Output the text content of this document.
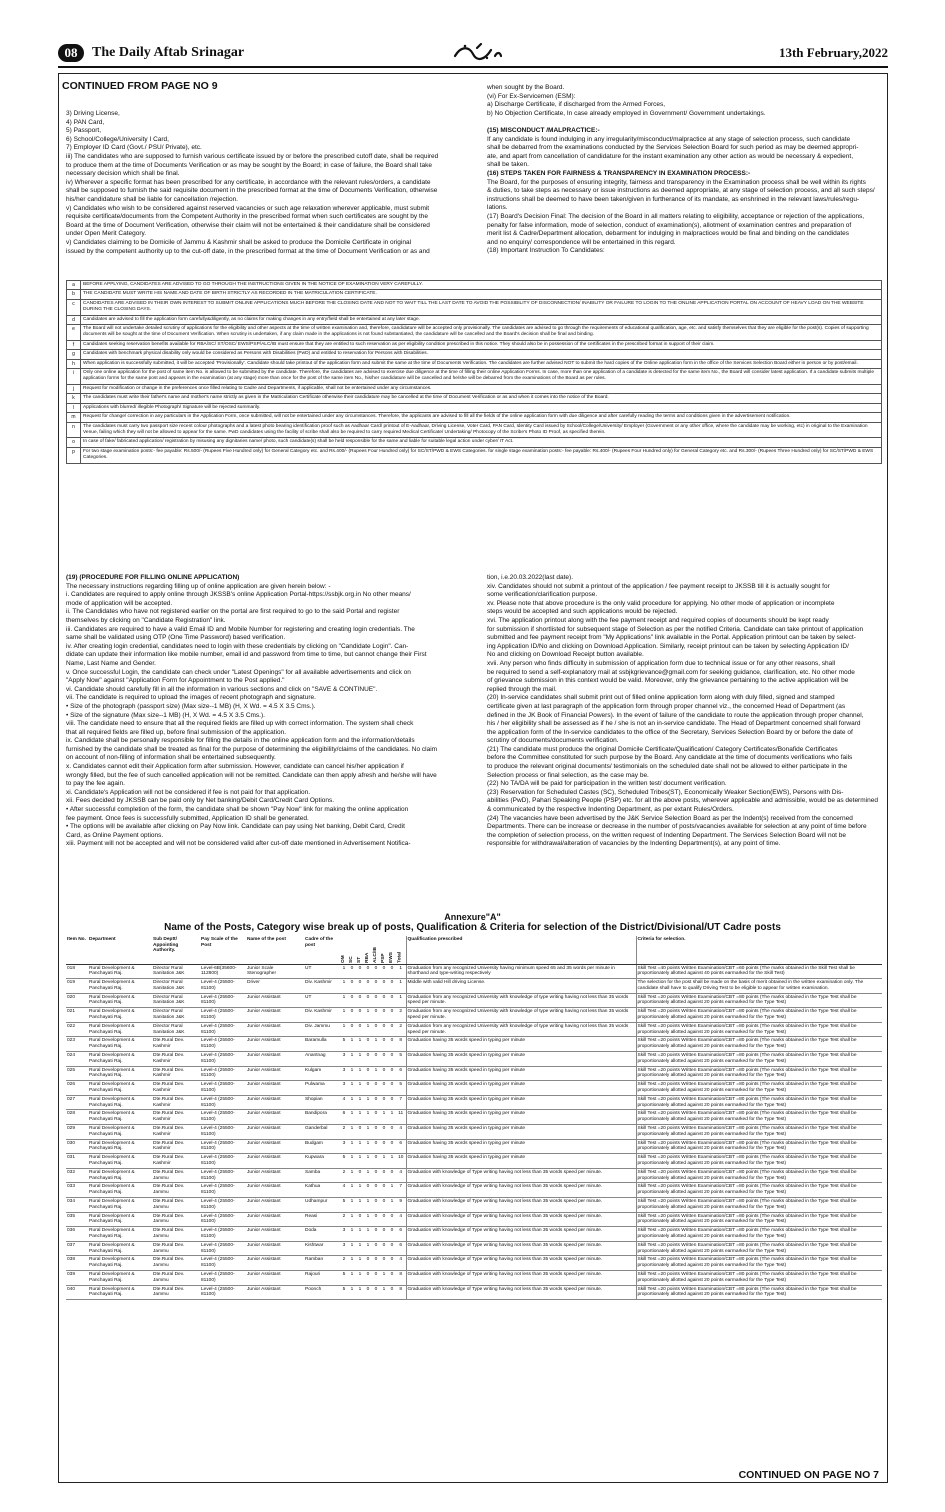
08	The Daily Aftab Srinagar	13th February,2022
CONTINUED FROM PAGE NO 9
3) Driving License,
4) PAN Card,
5) Passport,
6) School/College/University I Card,
7) Employer ID Card (Govt./ PSU/ Private), etc.
iii) The candidates who are supposed to furnish various certificate issued by or before the prescribed cutoff date, shall be required
to produce them at the time of Documents Verification or as may be sought by the Board; in case of failure, the Board shall take
necessary decision which shall be final.
iv) Wherever a specific format has been prescribed for any certificate, in accordance with the relevant rules/orders, a candidate
shall be supposed to furnish the said requisite document in the prescribed format at the time of Documents Verification, otherwise
his/her candidature shall be liable for cancellation /rejection.
v) Candidates who wish to be considered against reserved vacancies or such age relaxation wherever applicable, must submit
requisite certificate/documents from the Competent Authority in the prescribed format when such certificates are sought by the
Board at the time of Document Verification, otherwise their claim will not be entertained & their candidature shall be considered
under Open Merit Category.
v) Candidates claiming to be Domicile of Jammu & Kashmir shall be asked to produce the Domicile Certificate in original
issued by the competent authority up to the cut-off date, in the prescribed format at the time of Document Verification or as and
when sought by the Board.
(vi) For Ex-Servicemen (ESM):
a) Discharge Certificate, if discharged from the Armed Forces,
b) No Objection Certificate, In case already employed in Government/ Government undertakings.

(15) MISCONDUCT /MALPRACTICE:-
If any candidate is found indulging in any irregularity/misconduct/malpractice at any stage of selection process, such candidate
shall be debarred from the examinations conducted by the Services Selection Board for such period as may be deemed appropri-
ate, and apart from cancellation of candidature for the instant examination any other action as would be necessary & expedient,
shall be taken.
(16) STEPS TAKEN FOR FAIRNESS & TRANSPARENCY IN EXAMINATION PROCESS:-
The Board, for the purposes of ensuring integrity, fairness and transparency in the Examination process shall be well within its rights
& duties, to take steps as necessary or issue instructions as deemed appropriate, at any stage of selection process, and all such steps/
instructions shall be deemed to have been taken/given in furtherance of its mandate, as enshrined in the relevant laws/rules/regu-
lations.
(17) Board's Decision Final: The decision of the Board in all matters relating to eligibility, acceptance or rejection of the applications,
penalty for false information, mode of selection, conduct of examination(s), allotment of examination centres and preparation of
merit list & Cadre/Department allocation, debarment for indulging in malpractices would be final and binding on the candidates
and no enquiry/ correspondence will be entertained in this regard.
(18) Important Instruction To Candidates:
a	BEFORE APPLYING, CANDIDATES ARE ADVISED TO GO THROUGH THE INSTRUCTIONS GIVEN IN THE NOTICE OF EXAMINATION VERY CAREFULLY.
b	THE CANDIDATE MUST WRITE HIS NAME AND DATE OF BIRTH STRICTLY AS RECORDED IN THE MATRICULATION CERTIFICATE.
c	CANDIDATES ARE ADVISED IN THEIR OWN INTEREST TO SUBMIT ONLINE APPLICATIONS MUCH BEFORE THE CLOSING DATE AND NOT TO WAIT TILL THE LAST DATE TO AVOID THE POSSIBILITY OF DISCONNECTION/ INABILITY OR FAILURE TO LOGIN TO THE ONLINE APPLICATION PORTAL ON ACCOUNT OF HEAVY LOAD ON THE WEBSITE DURING THE CLOSING DAYS.
d	Candidates are advised to fill the application form carefully&diligently, as no claims for making changes in any entry/field shall be entertained at any later stage.
e	The Board will not undertake detailed scrutiny of applications for the eligibility and other aspects at the time of written examination and, therefore, candidature will be accepted only provisionally. The candidates are advised to go through the requirements of educational qualification, age, etc. and satisfy themselves that they are eligible for the post(s). Copies of supporting documents will be sought at the time of Document Verification. When scrutiny is undertaken, if any claim made in the applications is not found substantiated, the candidature will be cancelled and the Board's decision shall be final and binding.
f	Candidates seeking reservation benefits available for RBA/SC/ ST/OSC/ EWS/PSP/ALC/IB must ensure that they are entitled to such reservation as per eligibility condition prescribed in this notice. They should also be in possession of the certificates in the prescribed format in support of their claim.
g	Candidates with benchmark physical disability only would be considered as Persons with Disabilities (PwD) and entitled to reservation for Persons with Disabilities.
h	When application is successfully submitted, it will be accepted 'Provisionally'. Candidate should take printout of the application form and submit the same at the time of Documents Verification. The candidates are further advised NOT to submit the hard copies of the Online application form in the office of the Services Selection Board either in person or by post/email.
i	Only one online application for the post of same item No. is allowed to be submitted by the candidate. Therefore, the candidates are advised to exercise due diligence at the time of filling their online Application Forms. In case, more than one application of a candidate is detected for the same item No., the Board will consider latest application. If a candidate submits multiple application forms for the same post and appears in the examination (at any stage) more than once for the post of the same item No., his/her candidature will be cancelled and he/she will be debarred from the examinations of the Board as per rules.
j	Request for modification or change in the preferences once filled relating to Cadre and Departments, if applicable, shall not be entertained under any circumstances.
k	The candidates must write their father's name and mother's name strictly as given in the Matriculation Certificate otherwise their candidature may be cancelled at the time of Document Verification or as and when it comes into the notice of the Board.
l	Applications with blurred/ illegible Photograph/ Signature will be rejected summarily.
m	Request for change/ correction in any particulars in the Application Form, once submitted, will not be entertained under any circumstances. Therefore, the applicants are advised to fill all the fields of the online application form with due diligence and after carefully reading the terms and conditions given in the advertisement notification.
n	The candidates must carry two passport size recent colour photographs and a latest photo bearing identification proof such as Aadhaar Card/ printout of E-Aadhaar, Driving License, Voter Card, PAN Card, Identity Card issued by School/College/University/ Employer (Government or any other office, where the candidate may be working, etc) in original to the Examination Venue, failing which they will not be allowed to appear for the same. PwD candidates using the facility of scribe shall also be required to carry required Medical Certificate/ Undertaking/ Photocopy of the Scribe's Photo ID Proof, as specified therein.
o	In case of fake/ fabricated application/ registration by misusing any dignitaries name/ photo, such candidate(s) shall be held responsible for the same and liable for suitable legal action under cyber/ IT Act.
p	For two stage examination posts:- fee payable: Rs.500/- (Rupees Five Hundred only) for General Category etc. and Rs.400/- (Rupees Four Hundred only) for SC/ST/PWD & EWS Categories. for single stage examination posts:- fee payable: Rs.400/- (Rupees Four Hundred only) for General Category etc. and Rs.300/- (Rupees Three Hundred only) for SC/ST/PWD & EWS Categories.
(19) (PROCEDURE FOR FILLING ONLINE APPLICATION)
The necessary instructions regarding filling up of online application are given herein below: -
i. Candidates are required to apply online through JKSSB's online Application Portal-https://ssbjk.org.in No other means/
mode of application will be accepted.
ii. The Candidates who have not registered earlier on the portal are first required to go to the said Portal and register
themselves by clicking on "Candidate Registration" link.
iii. Candidates are required to have a valid Email ID and Mobile Number for registering and creating login credentials. The
same shall be validated using OTP (One Time Password) based verification.
iv. After creating login credential, candidates need to login with these credentials by clicking on "Candidate Login". Can-
didate can update their information like mobile number, email id and password from time to time, but cannot change their First
Name, Last Name and Gender.
v. Once successful Login, the candidate can check under "Latest Openings" for all available advertisements and click on
"Apply Now" against "Application Form for Appointment to the Post applied."
vi. Candidate should carefully fill in all the information in various sections and click on "SAVE & CONTINUE".
vii. The candidate is required to upload the images of recent photograph and signature.
• Size of the photograph (passport size) (Max size--1 MB) (H, X Wd. = 4.5 X 3.5 Cms.).
• Size of the signature (Max size--1 MB) (H, X Wd. = 4.5 X 3.5 Cms.).
viii. The candidate need to ensure that all the required fields are filled up with correct information. The system shall check
that all required fields are filled up, before final submission of the application.
ix. Candidate shall be personally responsible for filling the details in the online application form and the information/details
furnished by the candidate shall be treated as final for the purpose of determining the eligibility/claims of the candidates. No claim
on account of non-filling of information shall be entertained subsequently.
x. Candidates cannot edit their Application form after submission. However, candidate can cancel his/her application if
wrongly filled, but the fee of such cancelled application will not be remitted. Candidate can then apply afresh and he/she will have
to pay the fee again.
xi. Candidate's Application will not be considered if fee is not paid for that application.
xii. Fees decided by JKSSB can be paid only by Net banking/Debit Card/Credit Card Options.
• After successful completion of the form, the candidate shall be shown "Pay Now" link for making the online application
fee payment. Once fees is successfully submitted, Application ID shall be generated.
• The options will be available after clicking on Pay Now link. Candidate can pay using Net banking, Debit Card, Credit
Card, as Online Payment options.
xiii. Payment will not be accepted and will not be considered valid after cut-off date mentioned in Advertisement Notifica-
tion, i.e.20.03.2022(last date).
xiv. Candidates should not submit a printout of the application / fee payment receipt to JKSSB till it is actually sought for
some verification/clarification purpose.
xv. Please note that above procedure is the only valid procedure for applying. No other mode of application or incomplete
steps would be accepted and such applications would be rejected.
xvi. The application printout along with the fee payment receipt and required copies of documents should be kept ready
for submission if shortlisted for subsequent stage of Selection as per the notified Criteria. Candidate can take printout of application
submitted and fee payment receipt from "My Applications" link available in the Portal. Application printout can be taken by select-
ing Application ID/No and clicking on Download Application. Similarly, receipt printout can be taken by selecting Application ID/
No and clicking on Download Receipt button available.
xvii. Any person who finds difficulty in submission of application form due to technical issue or for any other reasons, shall
be required to send a self-explanatory mail at ssbjkgrievance@gmail.com for seeking guidance, clarification, etc. No other mode
of grievance submission in this context would be valid. Moreover, only the grievance pertaining to the active application will be
replied through the mail.
(20) In-service candidates shall submit print out of filled online application form along with duly filled, signed and stamped
certificate given at last paragraph of the application form through proper channel viz., the concerned Head of Department (as
defined in the JK Book of Financial Powers). In the event of failure of the candidate to route the application through proper channel,
his / her eligibility shall be assessed as if he / she is not an in-service candidate. The Head of Department concerned shall forward
the application form of the In-service candidates to the office of the Secretary, Services Selection Board by or before the date of
scrutiny of documents/documents verification.
(21) The candidate must produce the original Domicile Certificate/Qualification/ Category Certificates/Bonafide Certificates
before the Committee constituted for such purpose by the Board. Any candidate at the time of documents verifications who fails
to produce the relevant original documents/ testimonials on the scheduled date shall not be allowed to either participate in the
Selection process or final selection, as the case may be.
(22) No TA/DA will be paid for participation in the written test/ document verification.
(23) Reservation for Scheduled Castes (SC), Scheduled Tribes(ST), Economically Weaker Section(EWS), Persons with Dis-
abilities (PwD), Pahari Speaking People (PSP) etc. for all the above posts, wherever applicable and admissible, would be as determined
& communicated by the respective Indenting Department, as per extant Rules/Orders.
(24) The vacancies have been advertised by the J&K Service Selection Board as per the Indent(s) received from the concerned
Departments. There can be increase or decrease in the number of posts/vacancies available for selection at any point of time before
the completion of selection process, on the written request of Indenting Department. The Services Selection Board will not be
responsible for withdrawal/alteration of vacancies by the Indenting Department(s), at any point of time.
Annexure"A"
Name of the Posts, Category wise break up of posts, Qualification & Criteria for selection of the District/Divisional/UT Cadre posts
Item No.	Department	Sub Deptt/ Appointing Authority.	Pay Scale of the Post	Name of the post	Cadre of the post	OM	SC	ST	RBA	ALC/IB	PSP	EWS	Total	Qualification prescribed	Criteria for selection.
018	Rural Development & Panchayati Raj.	Director Rural Sanitation J&K	Level-6B(35600-112800)	Junior Scale Stenographer	UT	1	0	0	0	0	0	0	1	Graduation from any recognized University having minimum speed 65 and 35 words per minute in shorthand and type-writing respectively	Skill Test =40 points Written Examination/CBT =60 points (The marks obtained in the Skill Test shall be proportionately allotted against 40 points earmarked for the Skill Test)
019	Rural Development & Panchayati Raj.	Director Rural Sanitation J&K	Level-4 (25500-81100)	Driver	Div. Kashmir	1	0	0	0	0	0	0	1	Middle with valid Hill driving License.	The selection for the post shall be made on the basis of merit obtained in the written examination only. The candidate shall have to qualify Driving Test to be eligible to appear for written examination.
020	Rural Development & Panchayati Raj.	Director Rural Sanitation J&K	Level-4 (25500-81100)	Junior Assistant	UT	1	0	0	0	0	0	0	1	Graduation from any recognized University with knowledge of type writing having not less than 35 words speed per minute.	Skill Test =20 points Written Examination/CBT =80 points (The marks obtained in the Type Test shall be proportionately allotted against 20 points earmarked for the Type Test)
021	Rural Development & Panchayati Raj.	Director Rural Sanitation J&K	Level-4 (25500-81100)	Junior Assistant	Div. Kashmir	1	0	0	1	0	0	0	2	Graduation from any recognized University with knowledge of type writing having not less than 35 words speed per minute.	Skill Test =20 points Written Examination/CBT =80 points (The marks obtained in the Type Test shall be proportionately allotted against 20 points earmarked for the Type Test)
022	Rural Development & Panchayati Raj.	Director Rural Sanitation J&K	Level-4 (25500-81100)	Junior Assistant	Div. Jammu	1	0	0	1	0	0	0	2	Graduation from any recognized University with knowledge of type writing having not less than 35 words speed per minute.	Skill Test =20 points Written Examination/CBT =80 points (The marks obtained in the Type Test shall be proportionately allotted against 20 points earmarked for the Type Test)
023	Rural Development & Panchayati Raj.	Dte.Rural Dev. Kashmir	Level-4 (25500-81100)	Junior Assistant	Baramulla	5	1	1	0	1	0	0	8	Graduation having 35 words speed in typing per minute	Skill Test =20 points Written Examination/CBT =80 points (The marks obtained in the Type Test shall be proportionately allotted against 20 points earmarked for the Type Test)
024	Rural Development & Panchayati Raj.	Dte.Rural Dev. Kashmir	Level-4 (25500-81100)	Junior Assistant	Anantnag	3	1	1	0	0	0	0	5	Graduation having 35 words speed in typing per minute	Skill Test =20 points Written Examination/CBT =80 points (The marks obtained in the Type Test shall be proportionately allotted against 20 points earmarked for the Type Test)
025	Rural Development & Panchayati Raj.	Dte.Rural Dev. Kashmir	Level-4 (25500-81100)	Junior Assistant	Kulgam	3	1	1	0	1	0	0	6	Graduation having 35 words speed in typing per minute	Skill Test =20 points Written Examination/CBT =80 points (The marks obtained in the Type Test shall be proportionately allotted against 20 points earmarked for the Type Test)
026	Rural Development & Panchayati Raj.	Dte.Rural Dev. Kashmir	Level-4 (25500-81100)	Junior Assistant	Pulwama	3	1	1	0	0	0	0	5	Graduation having 35 words speed in typing per minute	Skill Test =20 points Written Examination/CBT =80 points (The marks obtained in the Type Test shall be proportionately allotted against 20 points earmarked for the Type Test)
027	Rural Development & Panchayati Raj.	Dte.Rural Dev. Kashmir	Level-4 (25500-81100)	Junior Assistant	Shopian	4	1	1	1	0	0	0	7	Graduation having 35 words speed in typing per minute	Skill Test =20 points Written Examination/CBT =80 points (The marks obtained in the Type Test shall be proportionately allotted against 20 points earmarked for the Type Test)
028	Rural Development & Panchayati Raj.	Dte.Rural Dev. Kashmir	Level-4 (25500-81100)	Junior Assistant	Bandipora	6	1	1	1	0	1	1	11	Graduation having 35 words speed in typing per minute	Skill Test =20 points Written Examination/CBT =80 points (The marks obtained in the Type Test shall be proportionately allotted against 20 points earmarked for the Type Test)
029	Rural Development & Panchayati Raj.	Dte.Rural Dev. Kashmir	Level-4 (25500-81100)	Junior Assistant	Ganderbal	2	1	0	1	0	0	0	4	Graduation having 35 words speed in typing per minute	Skill Test =20 points Written Examination/CBT =80 points (The marks obtained in the Type Test shall be proportionately allotted against 20 points earmarked for the Type Test)
030	Rural Development & Panchayati Raj.	Dte.Rural Dev. Kashmir	Level-4 (25500-81100)	Junior Assistant	Budgam	3	1	1	1	0	0	0	6	Graduation having 35 words speed in typing per minute	Skill Test =20 points Written Examination/CBT =80 points (The marks obtained in the Type Test shall be proportionately allotted against 20 points earmarked for the Type Test)
031	Rural Development & Panchayati Raj.	Dte.Rural Dev. Kashmir	Level-4 (25500-81100)	Junior Assistant	Kupwara	5	1	1	1	0	1	1	10	Graduation having 35 words speed in typing per minute	Skill Test =20 points Written Examination/CBT =80 points (The marks obtained in the Type Test shall be proportionately allotted against 20 points earmarked for the Type Test)
032	Rural Development & Panchayati Raj.	Dte.Rural Dev. Jammu	Level-4 (25500-81100)	Junior Assistant	Samba	2	1	0	1	0	0	0	4	Graduation with knowledge of Type writing having not less than 35 words speed per minute.	Skill Test =20 points Written Examination/CBT =80 points (The marks obtained in the Type Test shall be proportionately allotted against 20 points earmarked for the Type Test)
033	Rural Development & Panchayati Raj.	Dte.Rural Dev. Jammu	Level-4 (25500-81100)	Junior Assistant	Kathua	4	1	1	0	0	0	1	7	Graduation with knowledge of Type writing having not less than 35 words speed per minute.	Skill Test =20 points Written Examination/CBT =80 points (The marks obtained in the Type Test shall be proportionately allotted against 20 points earmarked for the Type Test)
034	Rural Development & Panchayati Raj.	Dte.Rural Dev. Jammu	Level-4 (25500-81100)	Junior Assistant	Udhampur	5	1	1	1	0	0	1	9	Graduation with knowledge of Type writing having not less than 35 words speed per minute.	Skill Test =20 points Written Examination/CBT =80 points (The marks obtained in the Type Test shall be proportionately allotted against 20 points earmarked for the Type Test)
035	Rural Development & Panchayati Raj.	Dte.Rural Dev. Jammu	Level-4 (25500-81100)	Junior Assistant	Reasi	2	1	0	1	0	0	0	4	Graduation with knowledge of Type writing having not less than 35 words speed per minute.	Skill Test =20 points Written Examination/CBT =80 points (The marks obtained in the Type Test shall be proportionately allotted against 20 points earmarked for the Type Test)
036	Rural Development & Panchayati Raj.	Dte.Rural Dev. Jammu	Level-4 (25500-81100)	Junior Assistant	Doda	3	1	1	1	0	0	0	6	Graduation with knowledge of Type writing having not less than 35 words speed per minute.	Skill Test =20 points Written Examination/CBT =80 points (The marks obtained in the Type Test shall be proportionately allotted against 20 points earmarked for the Type Test)
037	Rural Development & Panchayati Raj.	Dte.Rural Dev. Jammu	Level-4 (25500-81100)	Junior Assistant	Kishtwar	3	1	1	1	0	0	0	6	Graduation with knowledge of Type writing having not less than 35 words speed per minute.	Skill Test =20 points Written Examination/CBT =80 points (The marks obtained in the Type Test shall be proportionately allotted against 20 points earmarked for the Type Test)
038	Rural Development & Panchayati Raj.	Dte.Rural Dev. Jammu	Level-4 (25500-81100)	Junior Assistant	Ramban	2	1	1	0	0	0	0	4	Graduation with knowledge of Type writing having not less than 35 words speed per minute.	Skill Test =20 points Written Examination/CBT =80 points (The marks obtained in the Type Test shall be proportionately allotted against 20 points earmarked for the Type Test)
039	Rural Development & Panchayati Raj.	Dte.Rural Dev. Jammu	Level-4 (25500-81100)	Junior Assistant	Rajouri	5	1	1	0	0	1	0	8	Graduation with knowledge of Type writing having not less than 35 words speed per minute.	Skill Test =20 points Written Examination/CBT =80 points (The marks obtained in the Type Test shall be proportionately allotted against 20 points earmarked for the Type Test)
040	Rural Development & Panchayati Raj.	Dte.Rural Dev. Jammu	Level-4 (25500-81100)	Junior Assistant	Poonch	5	1	1	0	0	1	0	8	Graduation with knowledge of Type writing having not less than 35 words speed per minute.	Skill Test =20 points Written Examination/CBT =80 points (The marks obtained in the Type Test shall be proportionately allotted against 20 points earmarked for the Type Test)
CONTINUED ON PAGE NO 7
